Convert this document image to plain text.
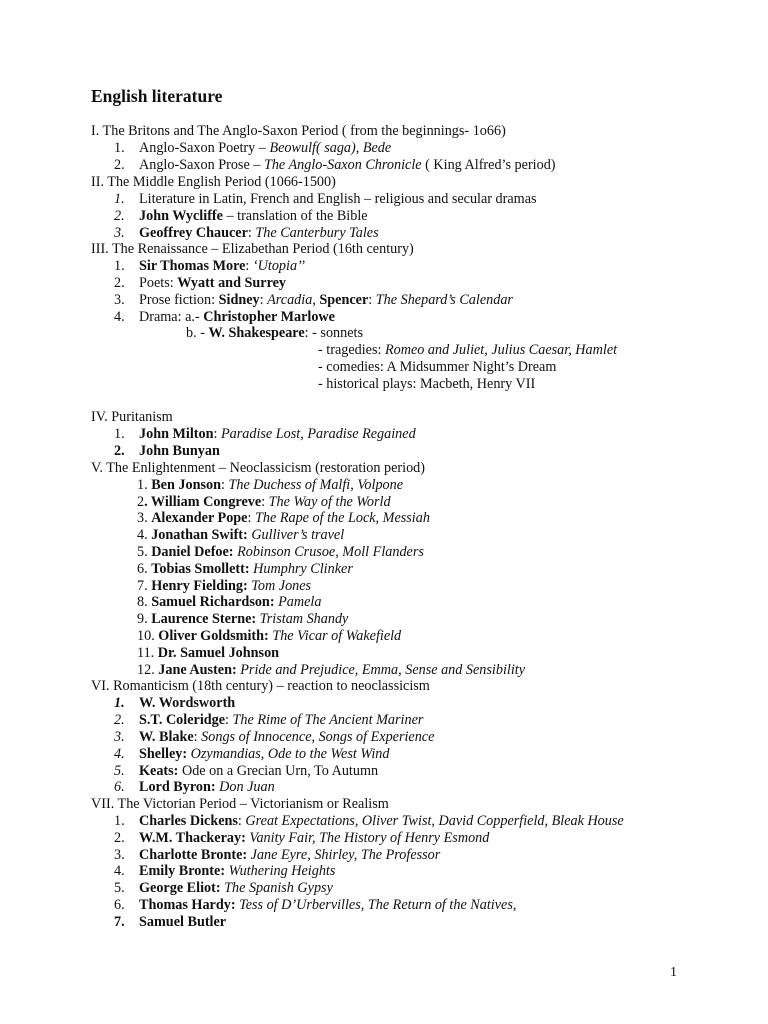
English literature
I. The Britons and The Anglo-Saxon Period ( from the beginnings- 1o66)
1. Anglo-Saxon Poetry – Beowulf( saga), Bede
2. Anglo-Saxon Prose – The Anglo-Saxon Chronicle ( King Alfred’s period)
II. The Middle English Period (1066-1500)
1. Literature in Latin, French and English – religious and secular dramas
2. John Wycliffe – translation of the Bible
3. Geoffrey Chaucer: The Canterbury Tales
III. The Renaissance – Elizabethan Period (16th century)
1. Sir Thomas More: ‘Utopia’’
2. Poets: Wyatt and Surrey
3. Prose fiction: Sidney: Arcadia, Spencer: The Shepard’s Calendar
4. Drama: a.- Christopher Marlowe
b. - W. Shakespeare: - sonnets
- tragedies: Romeo and Juliet, Julius Caesar, Hamlet
- comedies: A Midsummer Night’s Dream
- historical plays: Macbeth, Henry VII
IV. Puritanism
1. John Milton: Paradise Lost, Paradise Regained
2. John Bunyan
V. The Enlightenment – Neoclassicism (restoration period)
1. Ben Jonson: The Duchess of Malfi, Volpone
2. William Congreve: The Way of the World
3. Alexander Pope: The Rape of the Lock, Messiah
4. Jonathan Swift: Gulliver’s travel
5. Daniel Defoe: Robinson Crusoe, Moll Flanders
6. Tobias Smollett: Humphry Clinker
7. Henry Fielding: Tom Jones
8. Samuel Richardson: Pamela
9. Laurence Sterne: Tristam Shandy
10. Oliver Goldsmith: The Vicar of Wakefield
11. Dr. Samuel Johnson
12. Jane Austen: Pride and Prejudice, Emma, Sense and Sensibility
VI. Romanticism (18th century) – reaction to neoclassicism
1. W. Wordsworth
2. S.T. Coleridge: The Rime of The Ancient Mariner
3. W. Blake: Songs of Innocence, Songs of Experience
4. Shelley: Ozymandias, Ode to the West Wind
5. Keats: Ode on a Grecian Urn, To Autumn
6. Lord Byron: Don Juan
VII. The Victorian Period – Victorianism or Realism
1. Charles Dickens: Great Expectations, Oliver Twist, David Copperfield, Bleak House
2. W.M. Thackeray: Vanity Fair, The History of Henry Esmond
3. Charlotte Bronte: Jane Eyre, Shirley, The Professor
4. Emily Bronte: Wuthering Heights
5. George Eliot: The Spanish Gypsy
6. Thomas Hardy: Tess of D’Urbervilles, The Return of the Natives,
7. Samuel Butler
1
